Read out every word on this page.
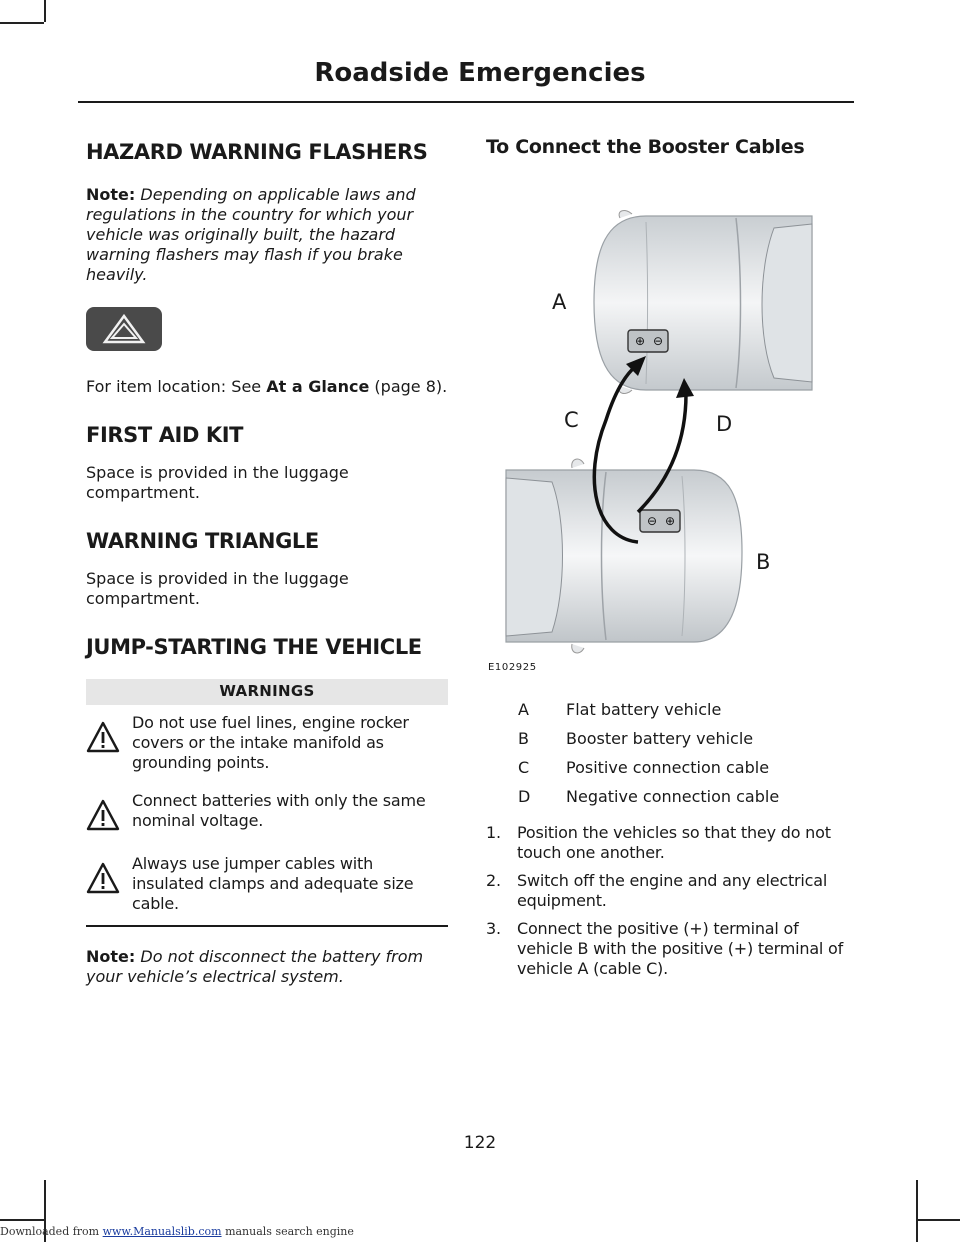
Roadside Emergencies
HAZARD WARNING FLASHERS

Note: Depending on applicable laws and regulations in the country for which your vehicle was originally built, the hazard warning flashers may flash if you brake heavily.

For item location: See At a Glance (page 8).

FIRST AID KIT

Space is provided in the luggage compartment.

WARNING TRIANGLE

Space is provided in the luggage compartment.

JUMP-STARTING THE VEHICLE
WARNINGS
Do not use fuel lines, engine rocker covers or the intake manifold as grounding points.
Connect batteries with only the same nominal voltage.
Always use jumper cables with insulated clamps and adequate size cable.

Note: Do not disconnect the battery from your vehicle’s electrical system.

To Connect the Booster Cables
⊕ ⊖
⊖ ⊕
A
C	D
B
E102925
A	Flat battery vehicle
B	Booster battery vehicle
C	Positive connection cable
D	Negative connection cable
1.	Position the vehicles so that they do not touch one another.
2.	Switch off the engine and any electrical equipment.
3.	Connect the positive (+) terminal of vehicle B with the positive (+) terminal of vehicle A (cable C).
122
Downloaded from www.Manualslib.com manuals search engine
